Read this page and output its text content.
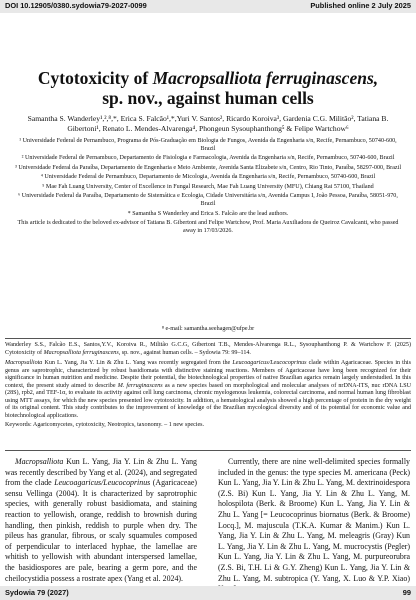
DOI 10.12905/0380.sydowia79-2027-0099	Published online 2 July 2025
Cytotoxicity of Macropsalliota ferruginascens,
sp. nov., against human cells
Samantha S. Wanderley¹,²,⁸,*, Erica S. Falcão¹,*,Yuri V. Santos², Ricardo Koroiva³, Gardenia C.G. Militão², Tatiana B. Gibertoni¹, Renato L. Mendes-Alvarenga⁴, Phongeun Sysouphanthong⁵ & Felipe Wartchow⁶

¹ Universidade Federal de Pernambuco, Programa de Pós-Graduação em Biologia de Fungos, Avenida da Engenharia s/n, Recife, Pernambuco, 50740-600, Brazil

² Universidade Federal de Pernambuco, Departamento de Fisiologia e Farmacologia, Avenida da Engenharia s/n, Recife, Pernambuco, 50740-600, Brazil

³ Universidade Federal da Paraíba, Departamento de Engenharia e Meio Ambiente, Avenida Santa Elizabete s/n, Centro, Rio Tinto, Paraíba, 58297-000, Brazil

⁴ Universidade Federal de Pernambuco, Departamento de Micologia, Avenida da Engenharia s/n, Recife, Pernambuco, 50740-600, Brazil

⁵ Mae Fah Luang University, Center of Excellence in Fungal Research, Mae Fah Luang University (MFU), Chiang Rai 57100, Thailand

⁶ Universidade Federal da Paraíba, Departamento de Sistemática e Ecologia, Cidade Universitária s/n, Avenida Campus I, João Pessoa, Paraíba, 58051-970, Brazil

* Samantha S Wanderley and Erica S. Falcão are the lead authors.

This article is dedicated to the beloved ex-advisor of Tatiana B. Gibertoni and Felipe Wartchow, Prof. Maria Auxiliadora de Queiroz Cavalcanti, who passed away in 17/03/2026.

⁸ e-mail: samantha.seehagen@ufpe.br

Wanderley S.S., Falcão E.S., Santos,Y.V., Koroiva R., Militão G.C.G, Gibertoni T.B., Mendes-Alvarenga R.L., Sysouphanthong P. & Wartchow F. (2025) Cytotoxicity of Macropsalliota ferruginascens, sp. nov., against human cells. – Sydowia 79: 99–114.

Macropsalliota Kun L. Yang, Jia Y. Lin & Zhu L. Yang was recently segregated from the Leucoagaricus/Leucocoprinus clade within Agaricaceae. Species in this genus are saprotrophic, characterized by robust basidiomata with distinctive staining reactions. Members of Agaricaceae have long been recognized for their significance in human nutrition and medicine. Despite their potential, the biotechnological properties of native Brazilian agarics remain largely understudied. In this context, the present study aimed to describe M. ferruginascens as a new species based on morphological and molecular analyses of nrDNA-ITS, nuc rDNA LSU (28S), rpb2, and TEF-1α, to evaluate its activity against cell lung carcinoma, chronic myelogenous leukemia, colorectal carcinoma, and normal human lung fibroblast using MTT assays, for which the new species presented low cytotoxicity. In addition, a hematological analysis showed a high percentage of protein in the dry weight of its original content. This study contributes to the improvement of knowledge of the Brazilian mycological diversity and of its potential for economic value and biotechnological applications.

Keywords: Agaricomycetes, cytotoxicity, Neotropics, taxonomy. – 1 new species.

Macropsalliota Kun L. Yang, Jia Y. Lin & Zhu L. Yang was recently described by Yang et al. (2024), and segregated from the clade Leucoagaricus/Leucocoprinus (Agaricaceae) sensu Vellinga (2004). It is characterized by saprotrophic species, with generally robust basidiomata, and staining reaction to yellowish, orange, reddish to brownish during handling, then pinkish, reddish to purple when dry. The pileus has granular, fibrous, or scaly squamules composed of perpendicular to interlaced hyphae, the lamellae are whitish to yellowish with abundant interspersed lamellae, the basidiospores are pale, bearing a germ pore, and the cheilocystidia possess a rostrate apex (Yang et al. 2024).

Currently, there are nine well-delimited species formally included in the genus: the type species M. americana (Peck) Kun L. Yang, Jia Y. Lin & Zhu L. Yang, M. dextrinoidespora (Z.S. Bi) Kun L. Yang, Jia Y. Lin & Zhu L. Yang, M. holospilota (Berk. & Broome) Kun L. Yang, Jia Y. Lin & Zhu L. Yang [= Leucocoprinus biornatus (Berk. & Broome) Locq.], M. majuscula (T.K.A. Kumar & Manim.) Kun L. Yang, Jia Y. Lin & Zhu L. Yang, M. meleagris (Gray) Kun L. Yang, Jia Y. Lin & Zhu L. Yang, M. mucrocystis (Pegler) Kun L. Yang, Jia Y. Lin & Zhu L. Yang, M. purpureorubra (Z.S. Bi, T.H. Li & G.Y. Zheng) Kun L. Yang, Jia Y. Lin & Zhu L. Yang, M. subtropica (Y. Yang, X. Luo & Y.P. Xiao)

Sydowia 79 (2027)	99
